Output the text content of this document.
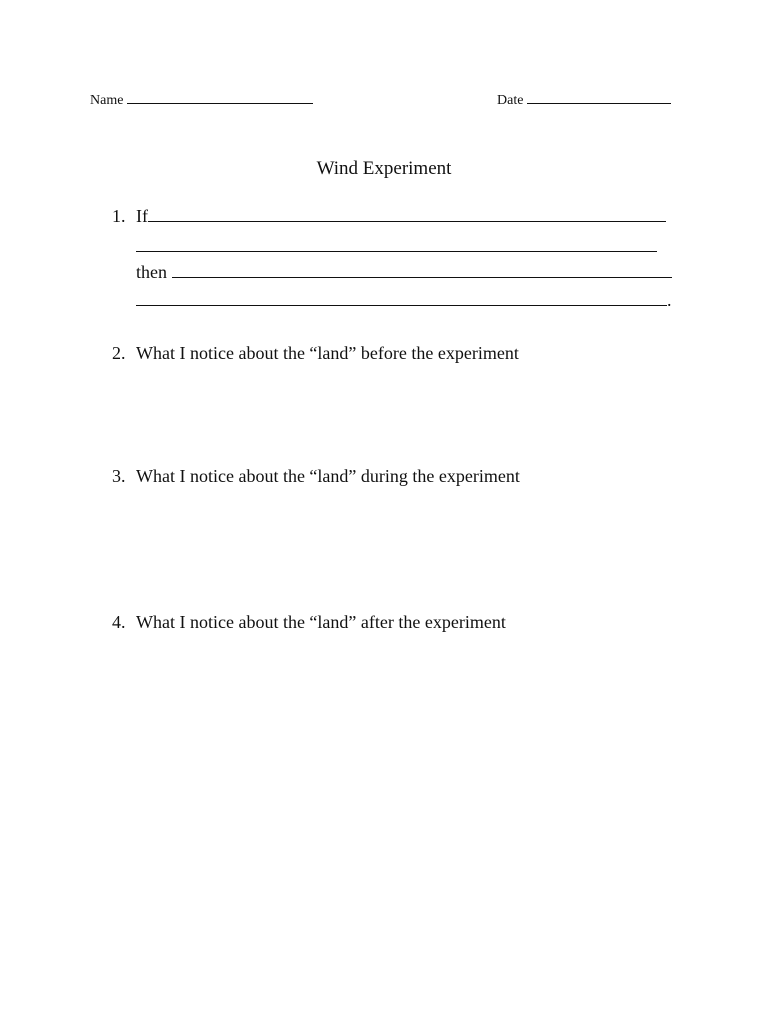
Name	Date
Wind Experiment
1. If
then
.
2. What I notice about the “land” before the experiment
3. What I notice about the “land” during the experiment
4. What I notice about the “land” after the experiment
